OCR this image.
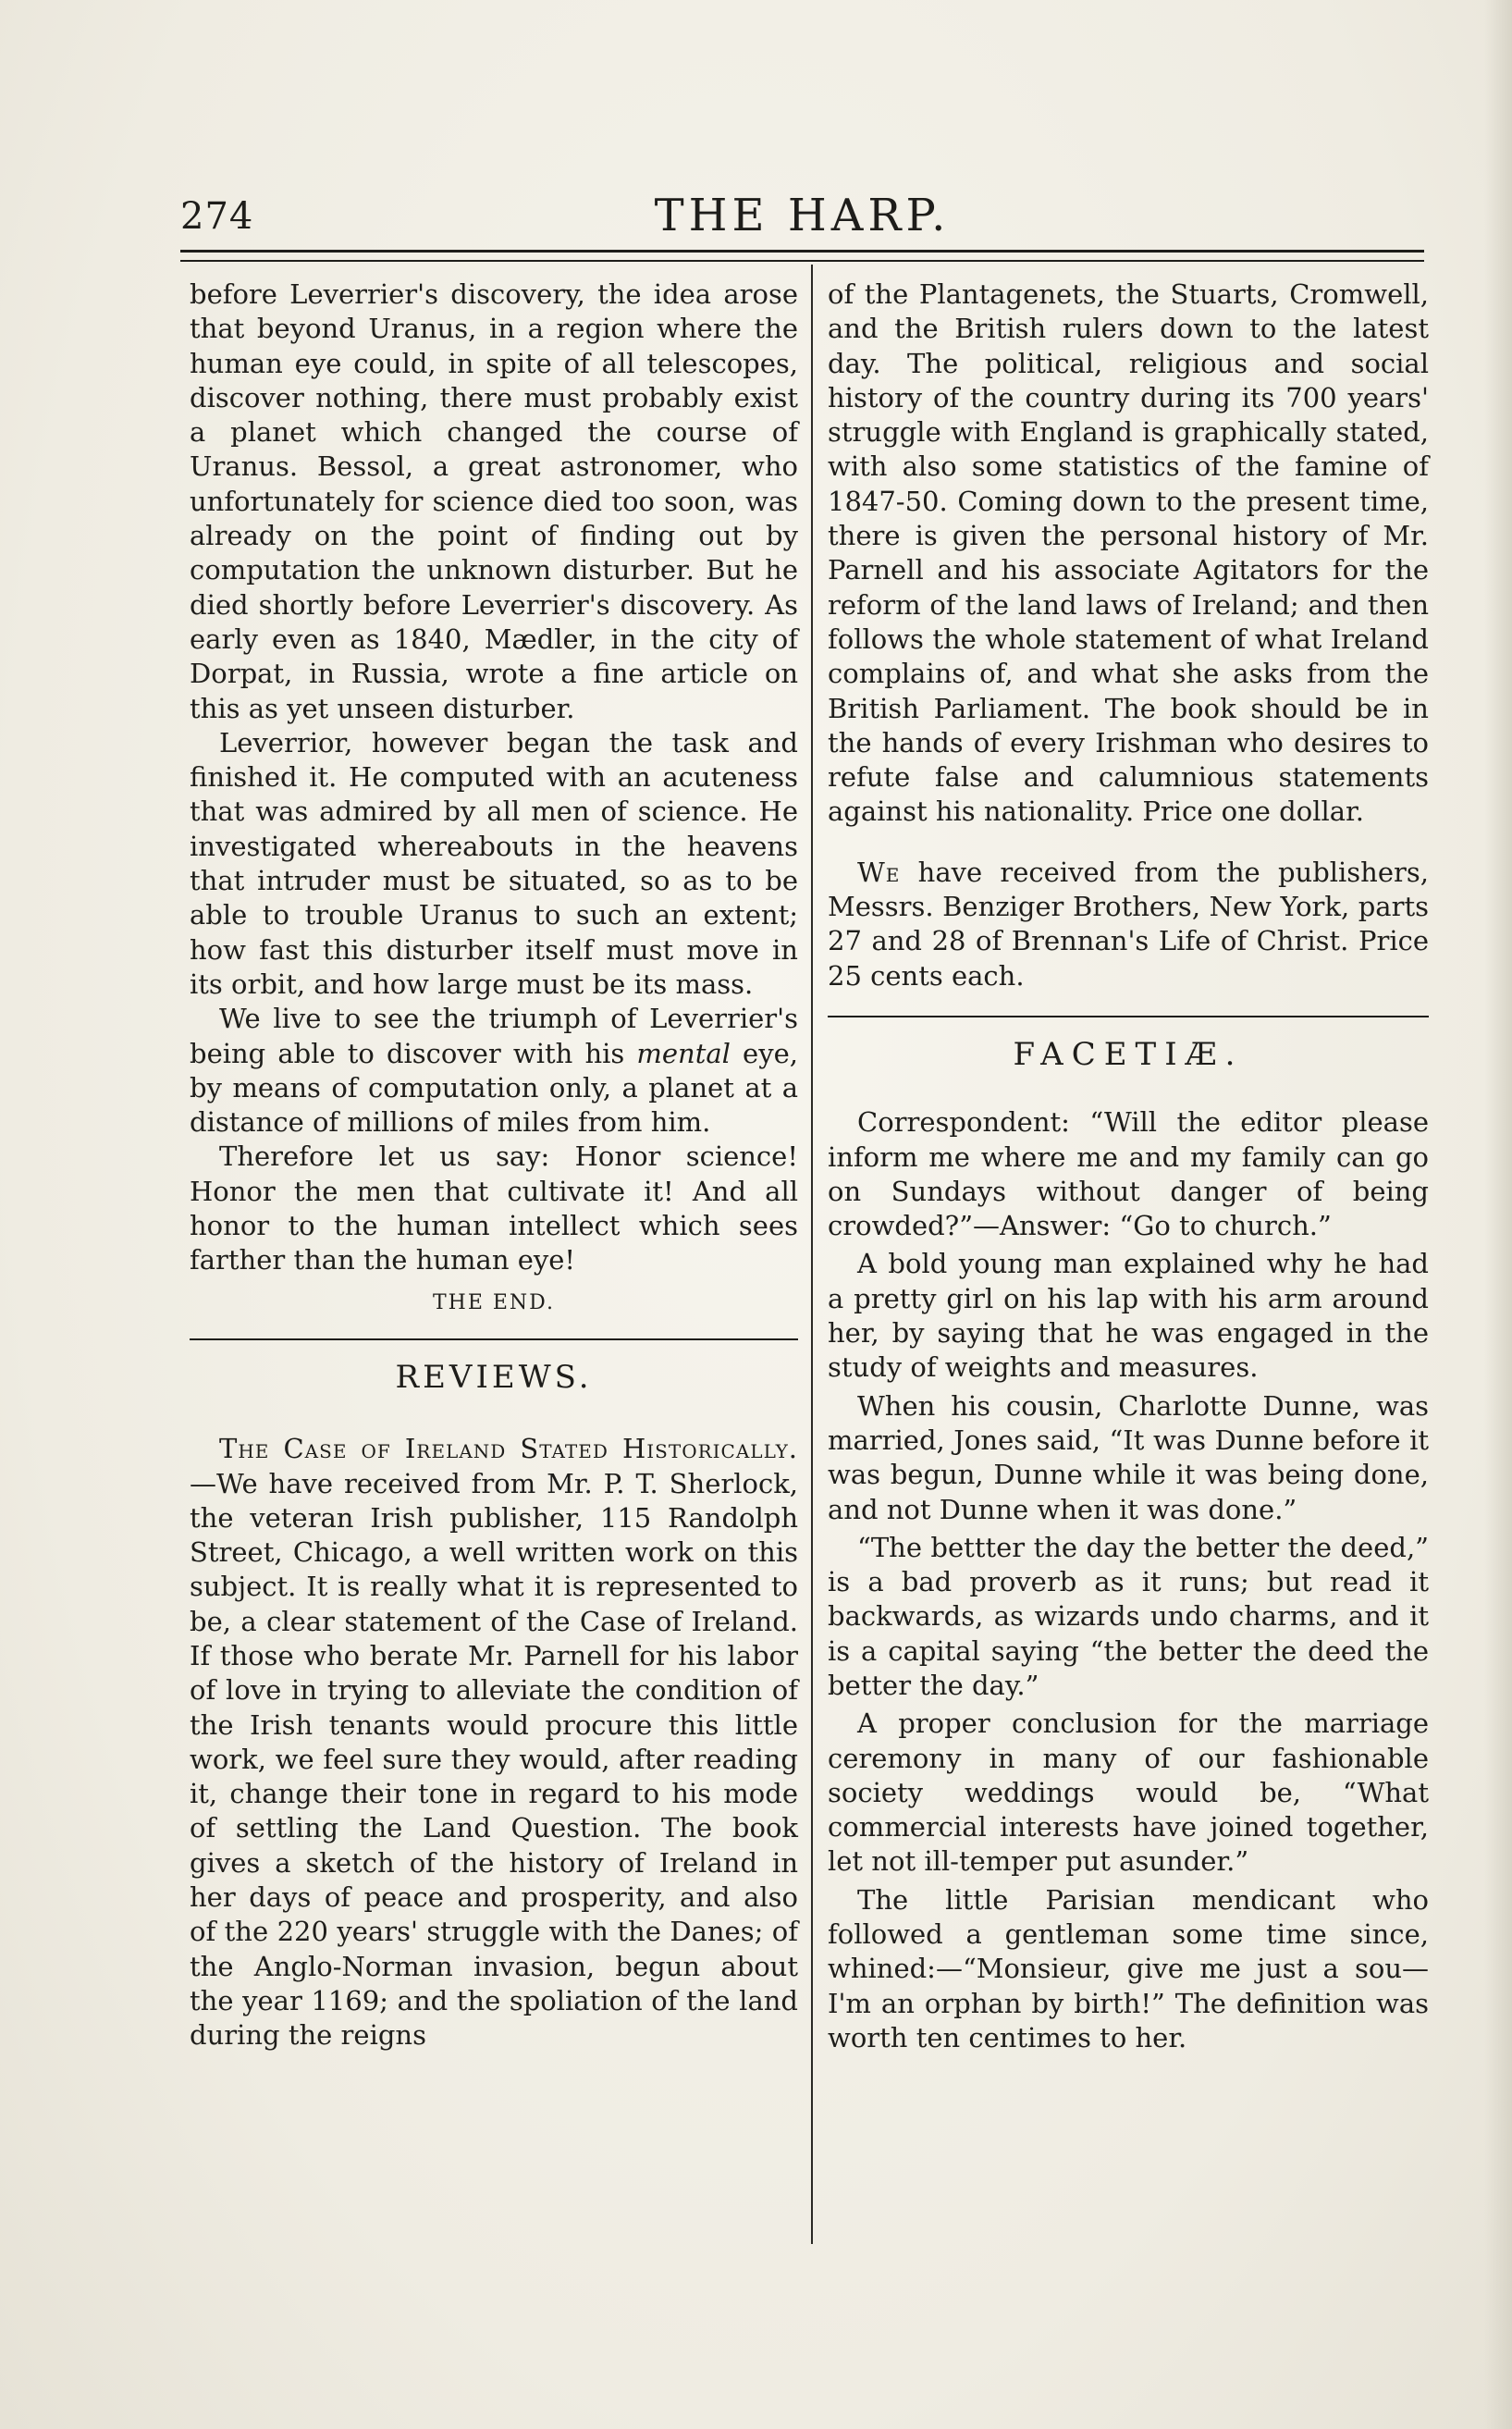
274	THE HARP.

before Leverrier's discovery, the idea arose that beyond Uranus, in a region where the human eye could, in spite of all telescopes, discover nothing, there must probably exist a planet which changed the course of Uranus. Bessol, a great astronomer, who unfortunately for science died too soon, was already on the point of finding out by computation the unknown disturber. But he died shortly before Leverrier's discovery. As early even as 1840, Mædler, in the city of Dorpat, in Russia, wrote a fine article on this as yet unseen disturber.

Leverrior, however began the task and finished it. He computed with an acuteness that was admired by all men of science. He investigated whereabouts in the heavens that intruder must be situated, so as to be able to trouble Uranus to such an extent; how fast this disturber itself must move in its orbit, and how large must be its mass.

We live to see the triumph of Leverrier's being able to discover with his mental eye, by means of computation only, a planet at a distance of millions of miles from him.

Therefore let us say: Honor science! Honor the men that cultivate it! And all honor to the human intellect which sees farther than the human eye!

THE END.
REVIEWS.

The Case of Ireland Stated Historically.—We have received from Mr. P. T. Sherlock, the veteran Irish publisher, 115 Randolph Street, Chicago, a well written work on this subject. It is really what it is represented to be, a clear statement of the Case of Ireland. If those who berate Mr. Parnell for his labor of love in trying to alleviate the condition of the Irish tenants would procure this little work, we feel sure they would, after reading it, change their tone in regard to his mode of settling the Land Question. The book gives a sketch of the history of Ireland in her days of peace and prosperity, and also of the 220 years' struggle with the Danes; of the Anglo-Norman invasion, begun about the year 1169; and the spoliation of the land during the reigns

of the Plantagenets, the Stuarts, Cromwell, and the British rulers down to the latest day. The political, religious and social history of the country during its 700 years' struggle with England is graphically stated, with also some statistics of the famine of 1847-50. Coming down to the present time, there is given the personal history of Mr. Parnell and his associate Agitators for the reform of the land laws of Ireland; and then follows the whole statement of what Ireland complains of, and what she asks from the British Parliament. The book should be in the hands of every Irishman who desires to refute false and calumnious statements against his nationality. Price one dollar.

We have received from the publishers, Messrs. Benziger Brothers, New York, parts 27 and 28 of Brennan's Life of Christ. Price 25 cents each.

FACETIÆ.

Correspondent: “Will the editor please inform me where me and my family can go on Sundays without danger of being crowded?”—Answer: “Go to church.”

A bold young man explained why he had a pretty girl on his lap with his arm around her, by saying that he was engaged in the study of weights and measures.

When his cousin, Charlotte Dunne, was married, Jones said, “It was Dunne before it was begun, Dunne while it was being done, and not Dunne when it was done.”

“The bettter the day the better the deed,” is a bad proverb as it runs; but read it backwards, as wizards undo charms, and it is a capital saying “the better the deed the better the day.”

A proper conclusion for the marriage ceremony in many of our fashionable society weddings would be, “What commercial interests have joined together, let not ill-temper put asunder.”

The little Parisian mendicant who followed a gentleman some time since, whined:—“Monsieur, give me just a sou—I'm an orphan by birth!” The definition was worth ten centimes to her.
